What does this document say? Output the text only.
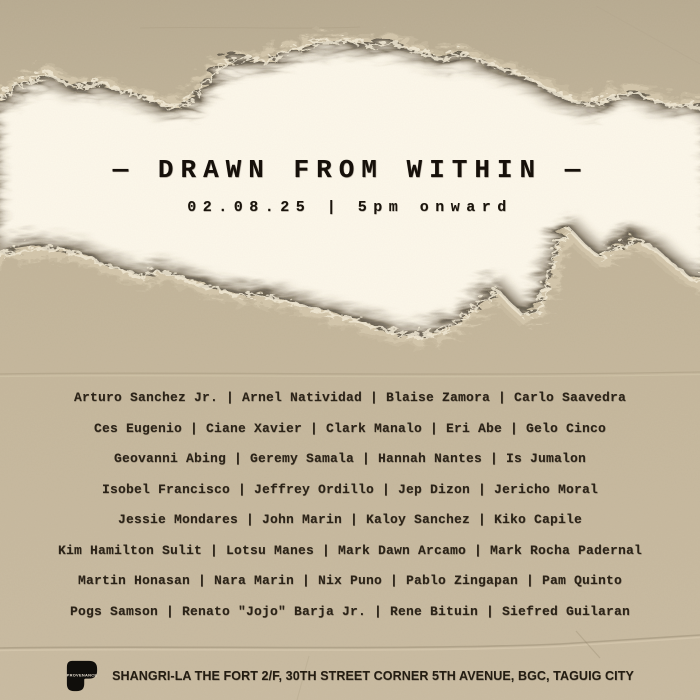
— DRAWN FROM WITHIN —
02.08.25 | 5pm onward
Arturo Sanchez Jr. | Arnel Natividad | Blaise Zamora | Carlo Saavedra
Ces Eugenio | Ciane Xavier | Clark Manalo | Eri Abe | Gelo Cinco
Geovanni Abing | Geremy Samala | Hannah Nantes | Is Jumalon
Isobel Francisco | Jeffrey Ordillo | Jep Dizon | Jericho Moral
Jessie Mondares | John Marin | Kaloy Sanchez | Kiko Capile
Kim Hamilton Sulit | Lotsu Manes | Mark Dawn Arcamo | Mark Rocha Padernal
Martin Honasan | Nara Marin | Nix Puno | Pablo Zingapan | Pam Quinto
Pogs Samson | Renato "Jojo" Barja Jr. | Rene Bituin | Siefred Guilaran
PROVENANCE SHANGRI-LA THE FORT 2/F, 30TH STREET CORNER 5TH AVENUE, BGC, TAGUIG CITY
